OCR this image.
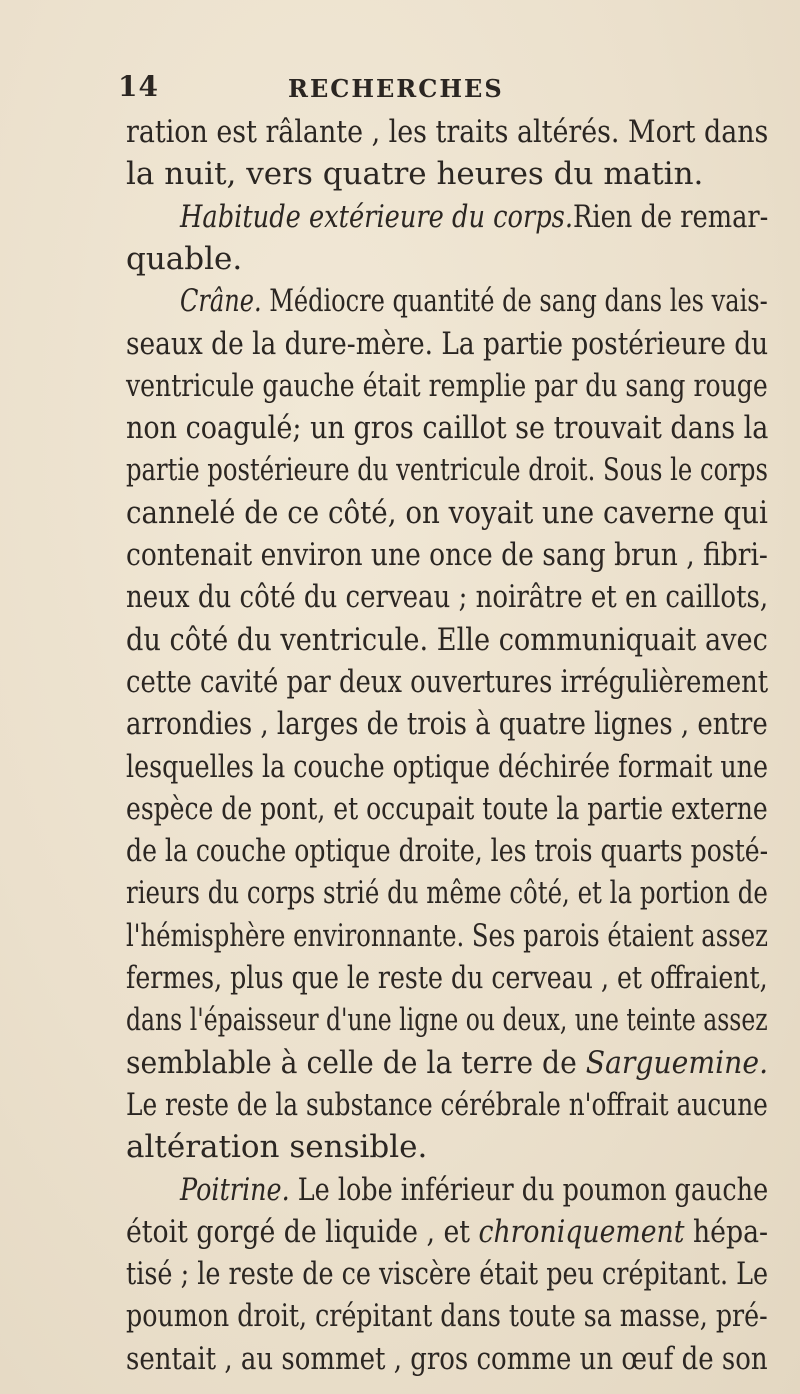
14	RECHERCHES
ration est râlante , les traits altérés. Mort dans
la nuit, vers quatre heures du matin.
Habitude extérieure du corps.Rien de remar-
quable.
Crâne. Médiocre quantité de sang dans les vais-
seaux de la dure-mère. La partie postérieure du
ventricule gauche était remplie par du sang rouge
non coagulé; un gros caillot se trouvait dans la
partie postérieure du ventricule droit. Sous le corps
cannelé de ce côté, on voyait une caverne qui
contenait environ une once de sang brun , fibri-
neux du côté du cerveau ; noirâtre et en caillots,
du côté du ventricule. Elle communiquait avec
cette cavité par deux ouvertures irrégulièrement
arrondies , larges de trois à quatre lignes , entre
lesquelles la couche optique déchirée formait une
espèce de pont, et occupait toute la partie externe
de la couche optique droite, les trois quarts posté-
rieurs du corps strié du même côté, et la portion de
l'hémisphère environnante. Ses parois étaient assez
fermes, plus que le reste du cerveau , et offraient,
dans l'épaisseur d'une ligne ou deux, une teinte assez
semblable à celle de la terre de Sarguemine.
Le reste de la substance cérébrale n'offrait aucune
altération sensible.
Poitrine. Le lobe inférieur du poumon gauche
étoit gorgé de liquide , et chroniquement hépa-
tisé ; le reste de ce viscère était peu crépitant. Le
poumon droit, crépitant dans toute sa masse, pré-
sentait , au sommet , gros comme un œuf de son
